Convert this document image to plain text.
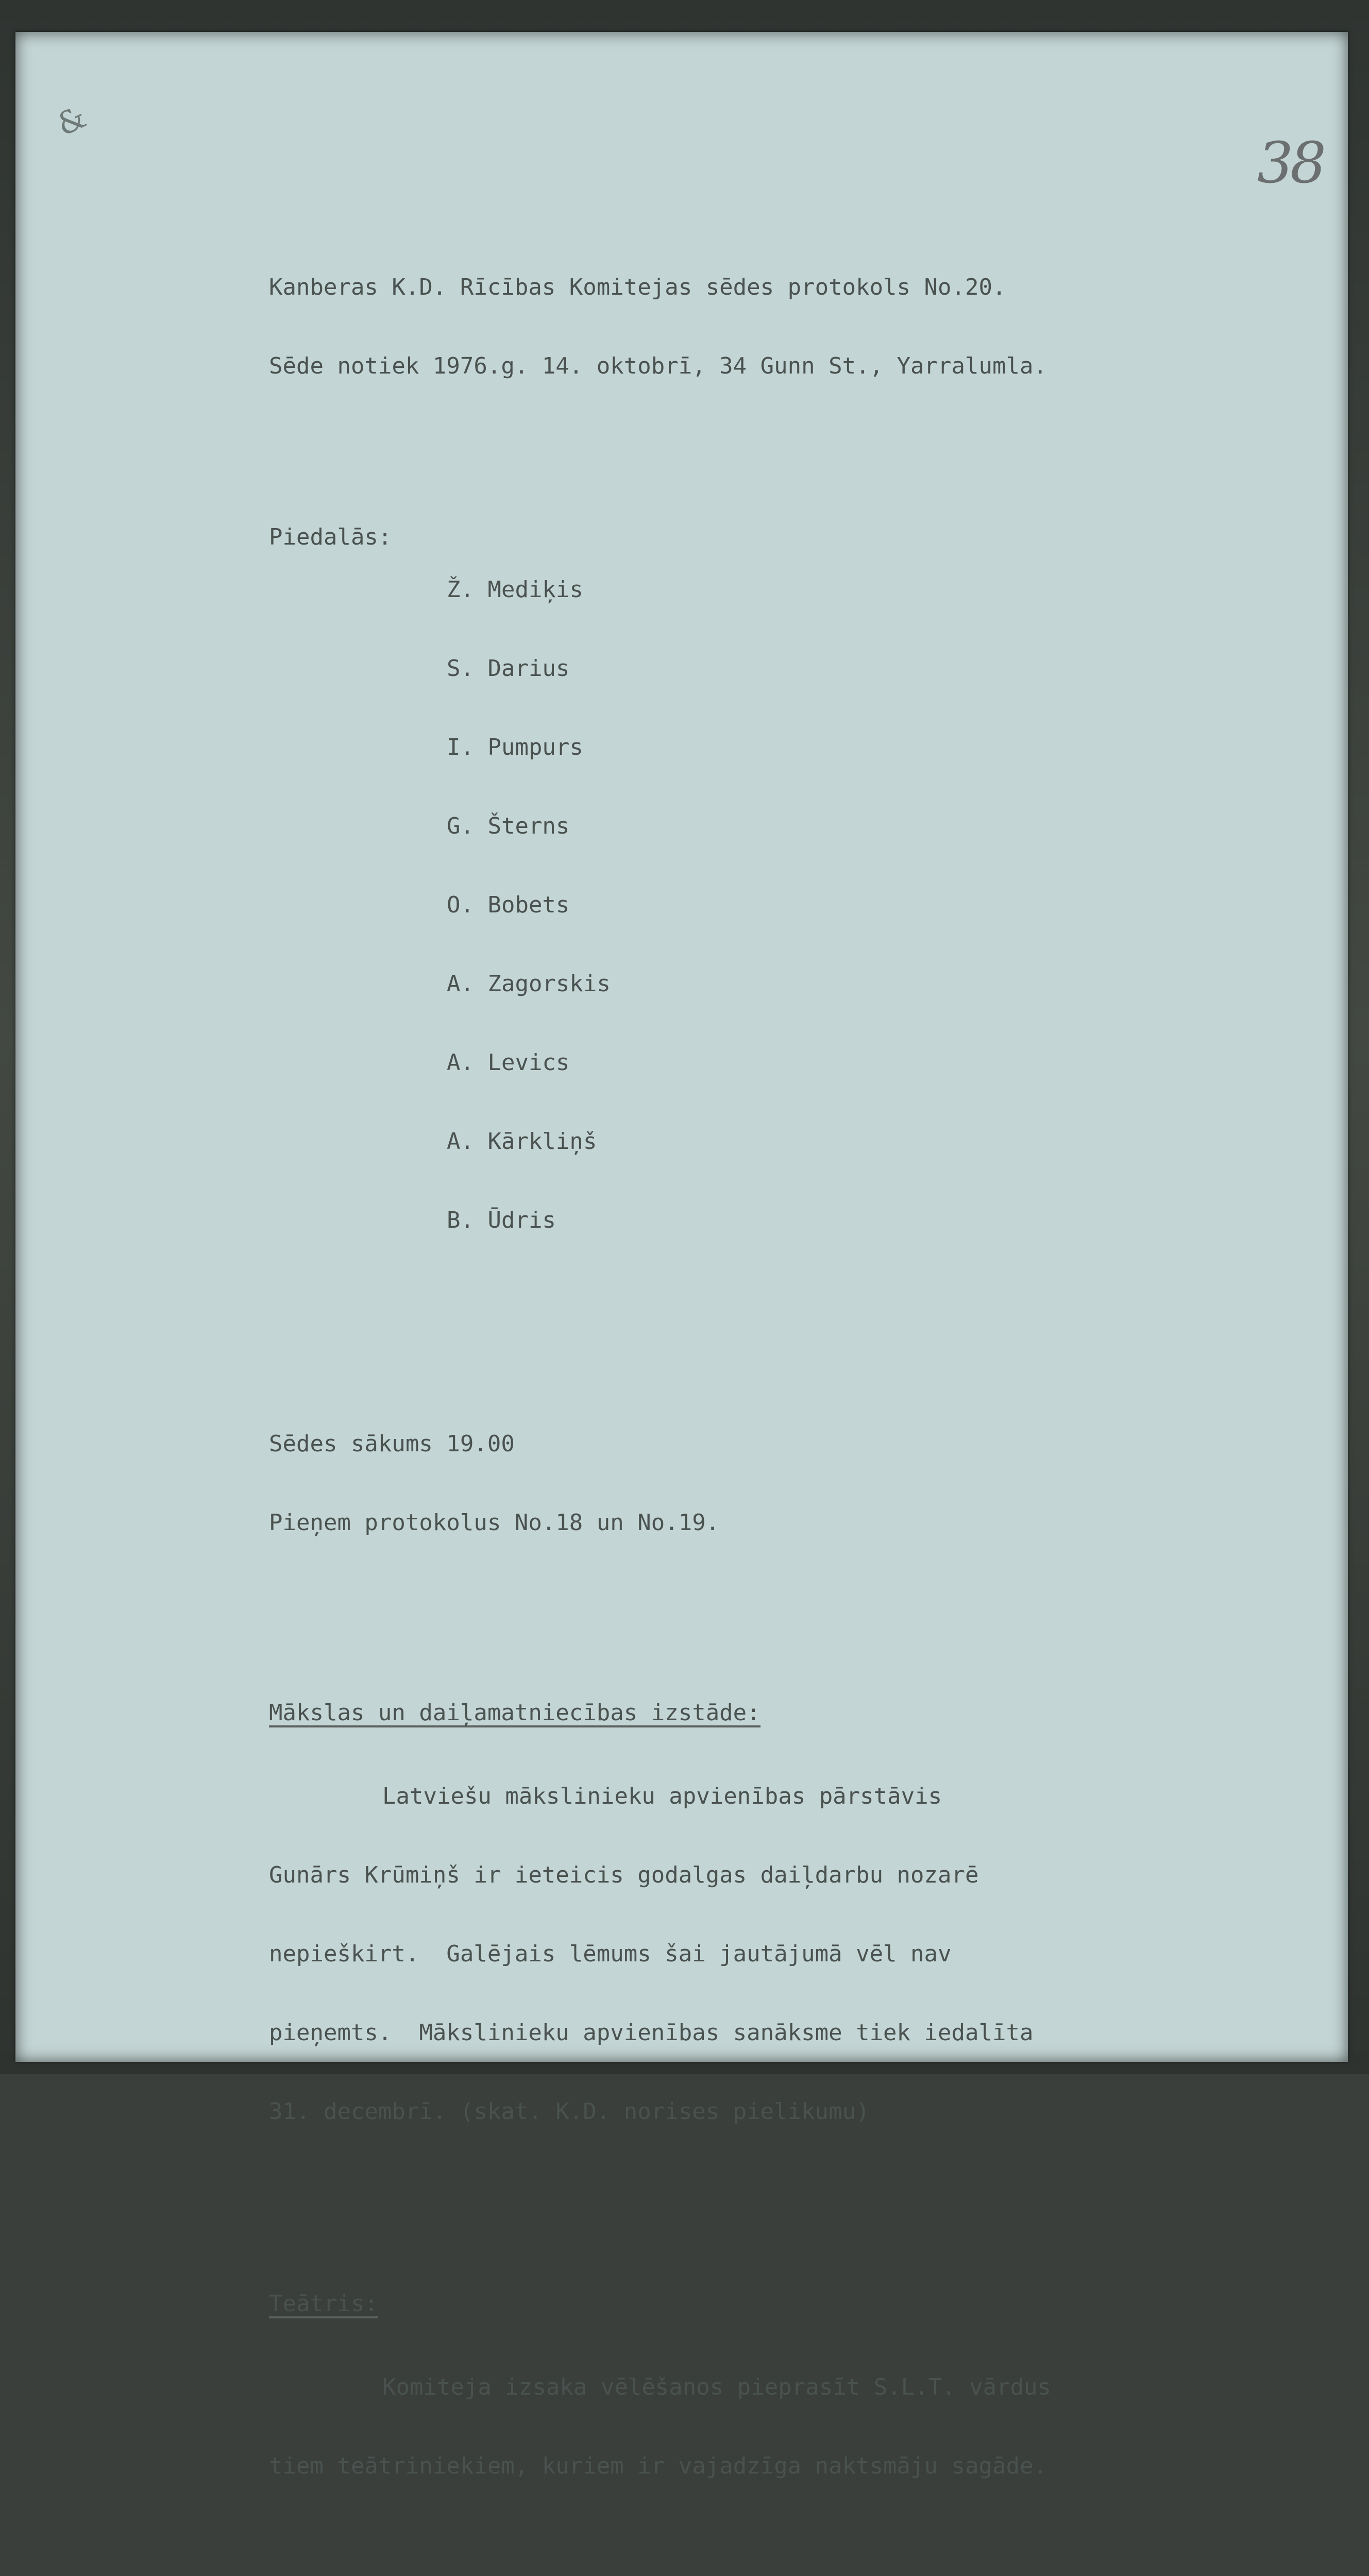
&
38

Kanberas K.D. Rīcības Komitejas sēdes protokols No.20.

Sēde notiek 1976.g. 14. oktobrī, 34 Gunn St., Yarralumla.

Piedalās:

Ž. Mediķis

S. Darius

I. Pumpurs

G. Šterns

O. Bobets

A. Zagorskis

A. Levics

A. Kārkliņš

B. Ūdris

Sēdes sākums 19.00

Pieņem protokolus No.18 un No.19.

Mākslas un daiļamatniecības izstāde:

Latviešu mākslinieku apvienības pārstāvis

Gunārs Krūmiņš ir ieteicis godalgas daiļdarbu nozarē

nepieškirt.  Galējais lēmums šai jautājumā vēl nav

pieņemts.  Mākslinieku apvienības sanāksme tiek iedalīta

31. decembrī. (skat. K.D. norises pielikumu)

Teātris:

Komiteja izsaka vēlēšanos pieprasīt S.L.T. vārdus

tiem teātriniekiem, kuriem ir vajadzīga naktsmāju sagāde.
